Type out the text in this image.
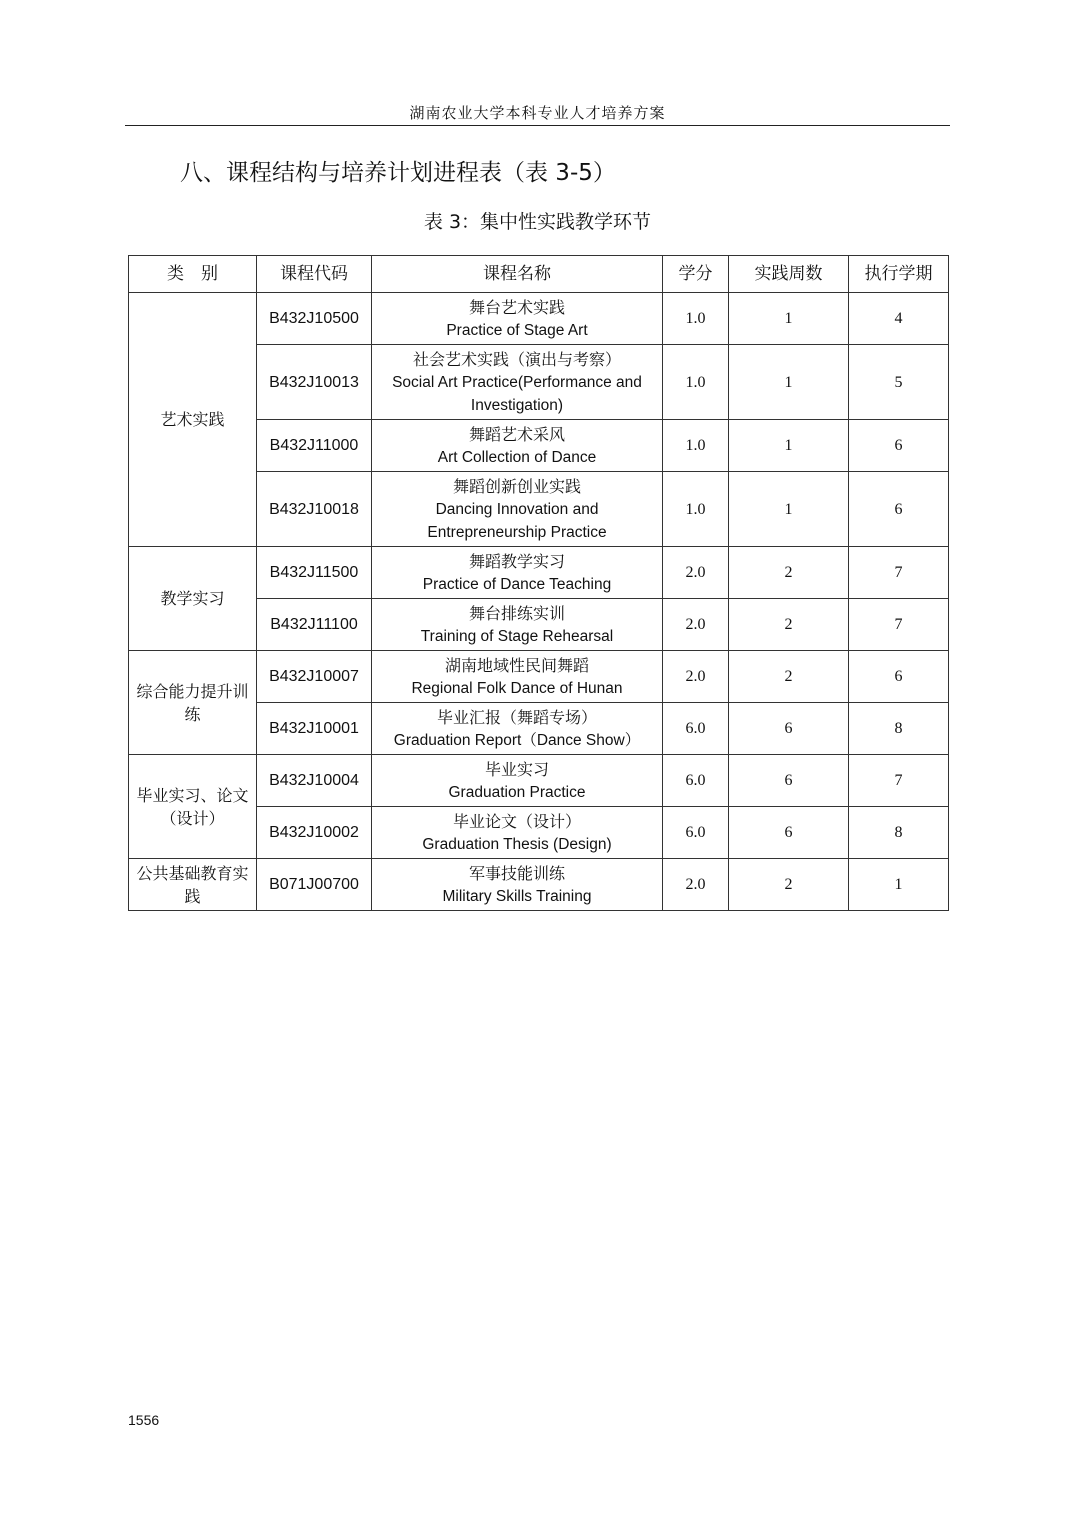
湖南农业大学本科专业人才培养方案
八、课程结构与培养计划进程表（表 3-5）
表 3：集中性实践教学环节
类　别	课程代码	课程名称	学分	实践周数	执行学期
艺术实践	B432J10500	舞台艺术实践
Practice of Stage Art	1.0	1	4
	B432J10013	社会艺术实践（演出与考察）
Social Art Practice(Performance and Investigation)	1.0	1	5
	B432J11000	舞蹈艺术采风
Art Collection of Dance	1.0	1	6
	B432J10018	舞蹈创新创业实践
Dancing Innovation and Entrepreneurship Practice	1.0	1	6
教学实习	B432J11500	舞蹈教学实习
Practice of Dance Teaching	2.0	2	7
	B432J11100	舞台排练实训
Training of Stage Rehearsal	2.0	2	7
综合能力提升训练	B432J10007	湖南地域性民间舞蹈
Regional Folk Dance of Hunan	2.0	2	6
	B432J10001	毕业汇报（舞蹈专场）
Graduation Report（Dance Show）	6.0	6	8
毕业实习、论文（设计）	B432J10004	毕业实习
Graduation Practice	6.0	6	7
	B432J10002	毕业论文（设计）
Graduation Thesis (Design)	6.0	6	8
公共基础教育实践	B071J00700	军事技能训练
Military Skills Training	2.0	2	1
1556
